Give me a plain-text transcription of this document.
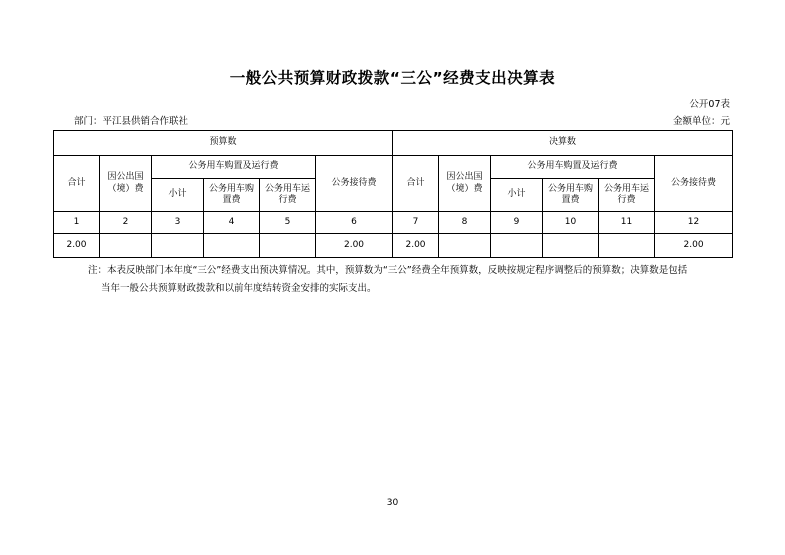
一般公共预算财政拨款“三公”经费支出决算表
公开07表
部门：平江县供销合作联社	金额单位：元
预算数						决算数					
合计	因公出国（境）费	公务用车购置及运行费			公务接待费	合计	因公出国（境）费	公务用车购置及运行费			公务接待费
		小计	公务用车购置费	公务用车运行费				小计	公务用车购置费	公务用车运行费	
1	2	3	4	5	6	7	8	9	10	11	12
2.00					2.00	2.00					2.00
注：本表反映部门本年度“三公”经费支出预决算情况。其中，预算数为“三公”经费全年预算数，反映按规定程序调整后的预算数；决算数是包括
当年一般公共预算财政拨款和以前年度结转资金安排的实际支出。
30
